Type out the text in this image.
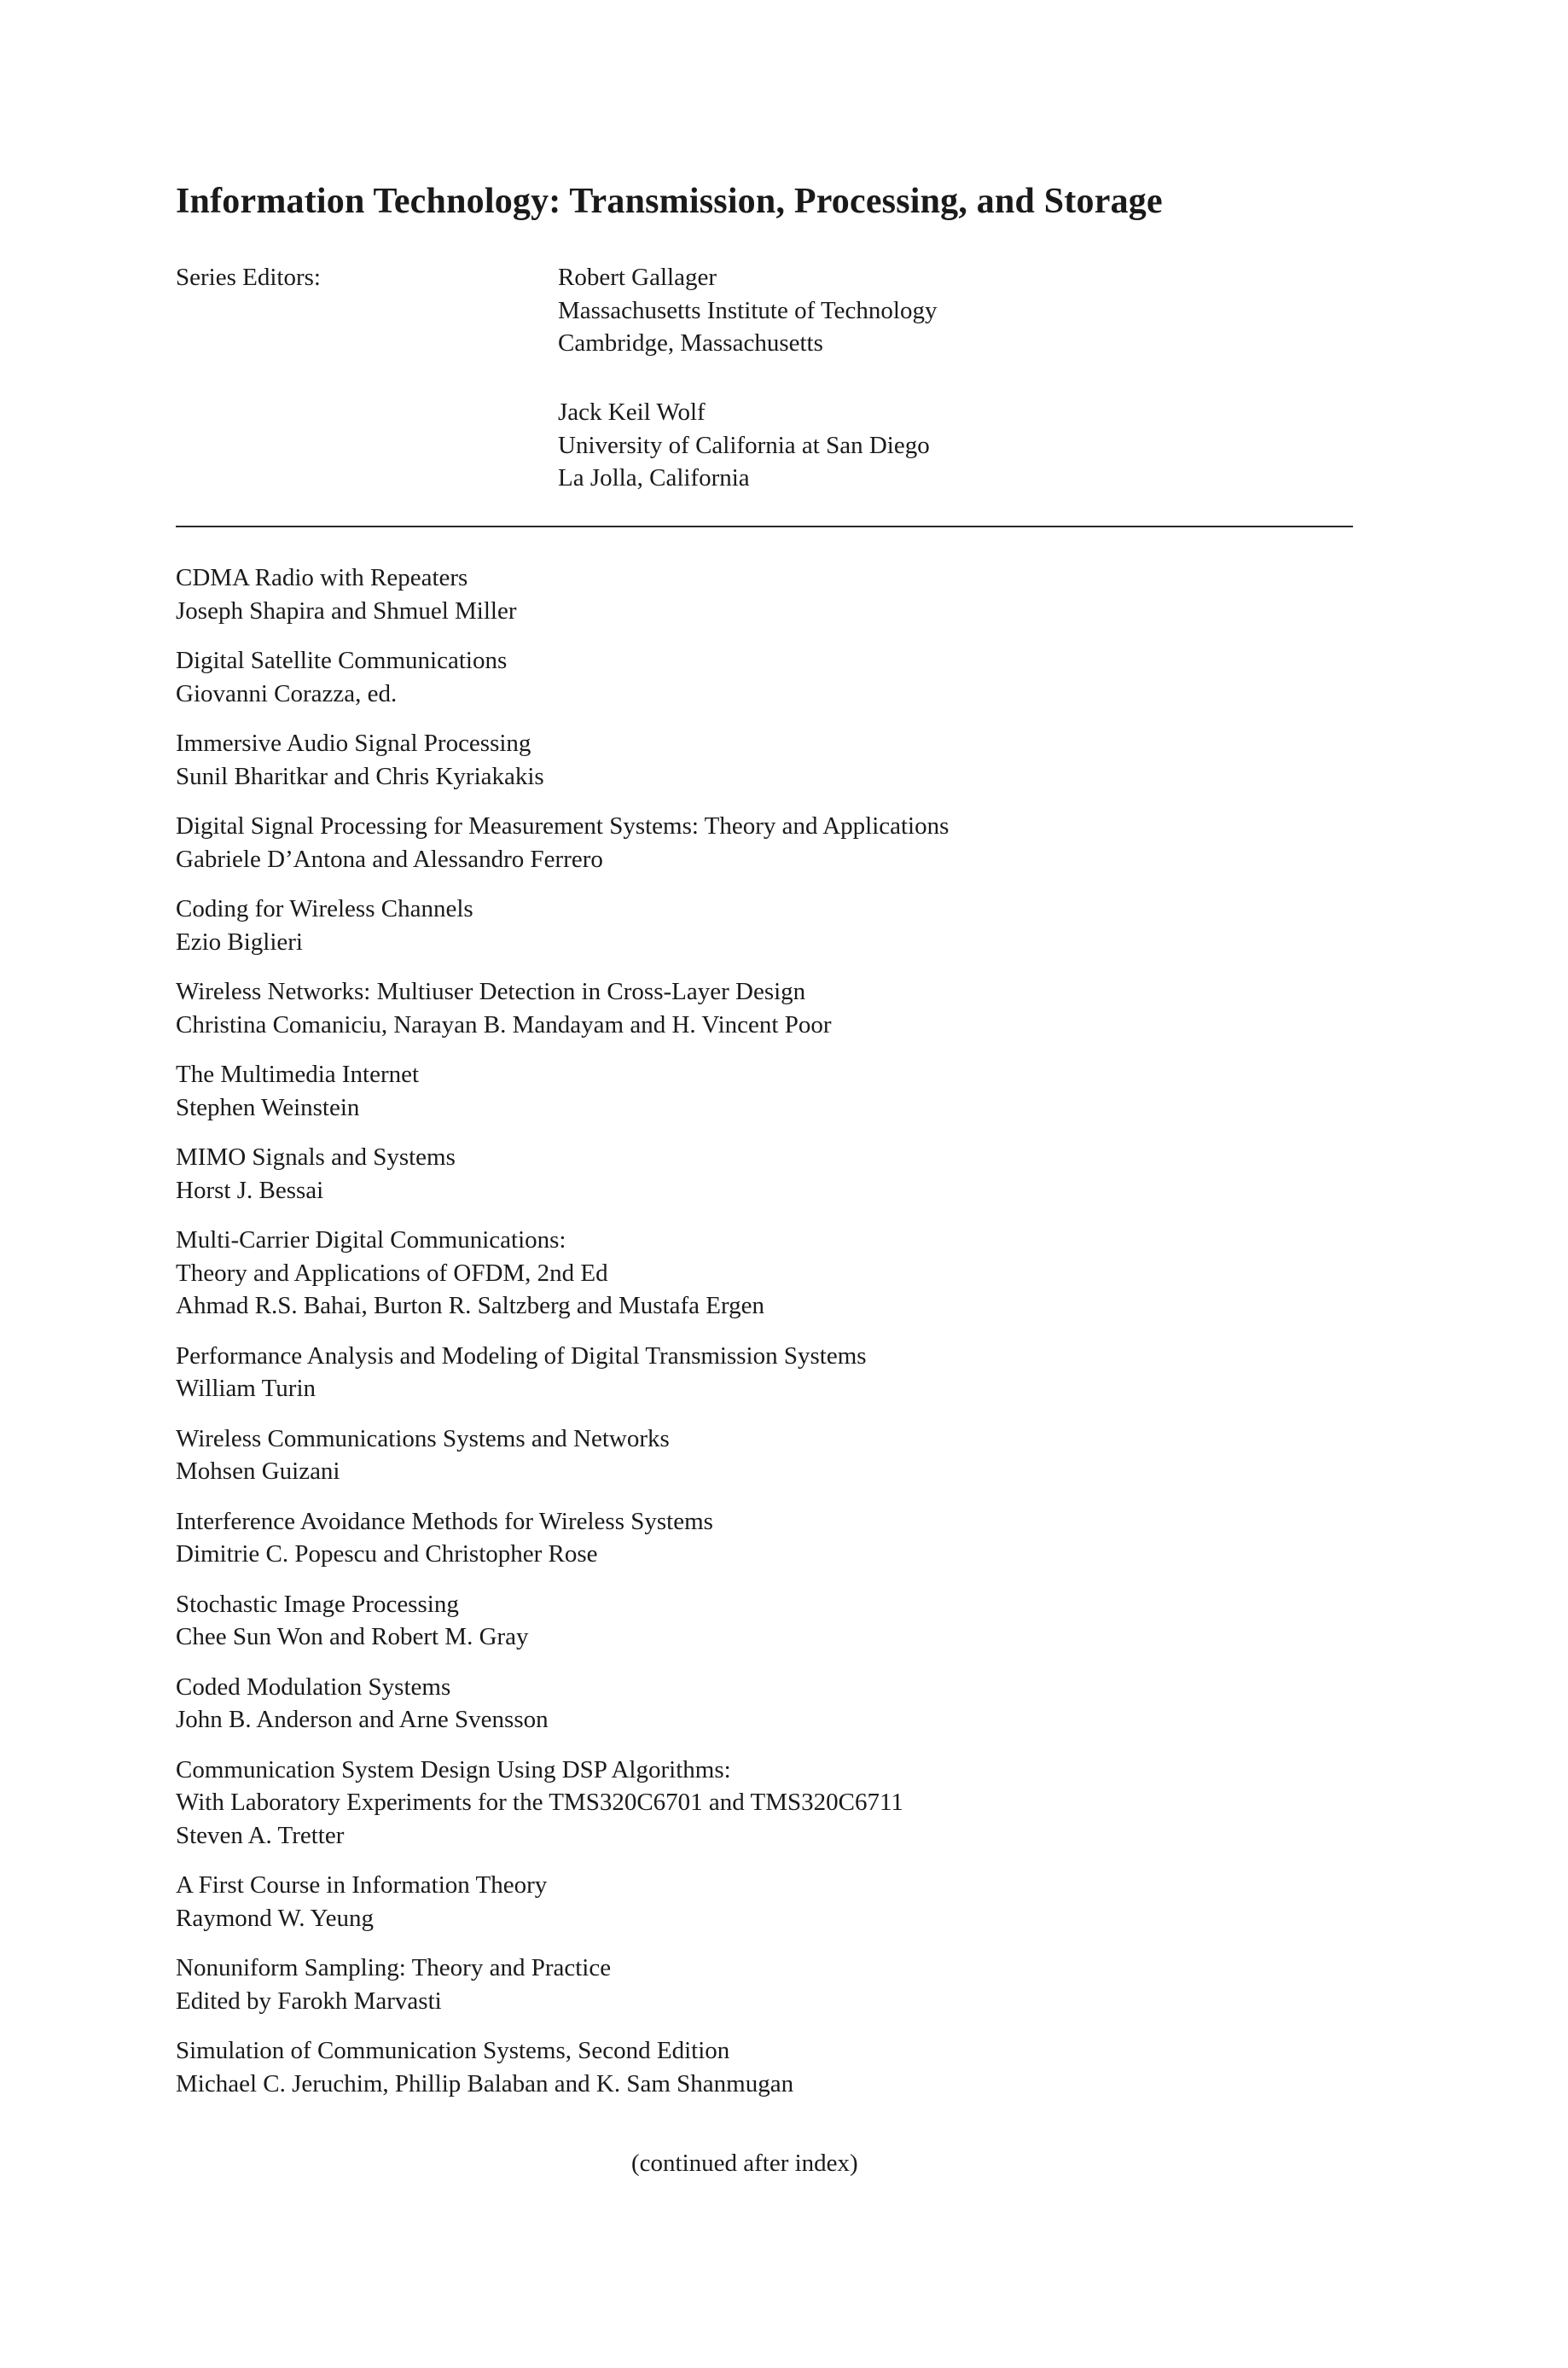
Information Technology: Transmission, Processing, and Storage
Series Editors:	Robert Gallager
Massachusetts Institute of Technology
Cambridge, Massachusetts
Jack Keil Wolf
University of California at San Diego
La Jolla, California
CDMA Radio with Repeaters
Joseph Shapira and Shmuel Miller
Digital Satellite Communications
Giovanni Corazza, ed.
Immersive Audio Signal Processing
Sunil Bharitkar and Chris Kyriakakis
Digital Signal Processing for Measurement Systems: Theory and Applications
Gabriele D’Antona and Alessandro Ferrero
Coding for Wireless Channels
Ezio Biglieri
Wireless Networks: Multiuser Detection in Cross-Layer Design
Christina Comaniciu, Narayan B. Mandayam and H. Vincent Poor
The Multimedia Internet
Stephen Weinstein
MIMO Signals and Systems
Horst J. Bessai
Multi-Carrier Digital Communications:
Theory and Applications of OFDM, 2nd Ed
Ahmad R.S. Bahai, Burton R. Saltzberg and Mustafa Ergen
Performance Analysis and Modeling of Digital Transmission Systems
William Turin
Wireless Communications Systems and Networks
Mohsen Guizani
Interference Avoidance Methods for Wireless Systems
Dimitrie C. Popescu and Christopher Rose
Stochastic Image Processing
Chee Sun Won and Robert M. Gray
Coded Modulation Systems
John B. Anderson and Arne Svensson
Communication System Design Using DSP Algorithms:
With Laboratory Experiments for the TMS320C6701 and TMS320C6711
Steven A. Tretter
A First Course in Information Theory
Raymond W. Yeung
Nonuniform Sampling: Theory and Practice
Edited by Farokh Marvasti
Simulation of Communication Systems, Second Edition
Michael C. Jeruchim, Phillip Balaban and K. Sam Shanmugan
(continued after index)
